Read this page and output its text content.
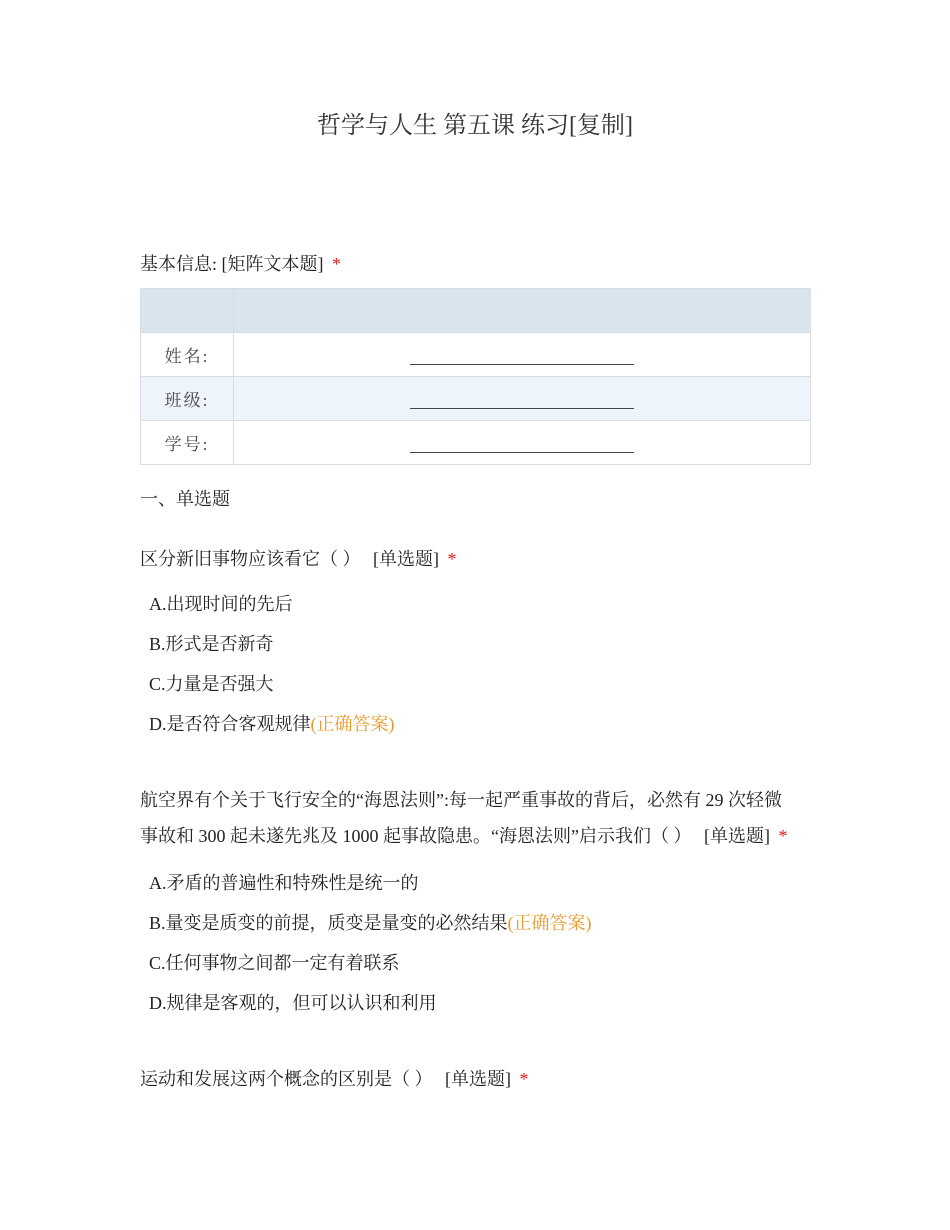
哲学与人生 第五课 练习[复制]
基本信息: [矩阵文本题] *

姓名:	
班级:	
学号:	
一、单选题
区分新旧事物应该看它（ ） [单选题] *
A.出现时间的先后
B.形式是否新奇
C.力量是否强大
D.是否符合客观规律(正确答案)
航空界有个关于飞行安全的“海恩法则”:每一起严重事故的背后，必然有 29 次轻微
事故和 300 起未遂先兆及 1000 起事故隐患。“海恩法则”启示我们（ ） [单选题] *
A.矛盾的普遍性和特殊性是统一的
B.量变是质变的前提，质变是量变的必然结果(正确答案)
C.任何事物之间都一定有着联系
D.规律是客观的，但可以认识和利用
运动和发展这两个概念的区别是（ ） [单选题] *
